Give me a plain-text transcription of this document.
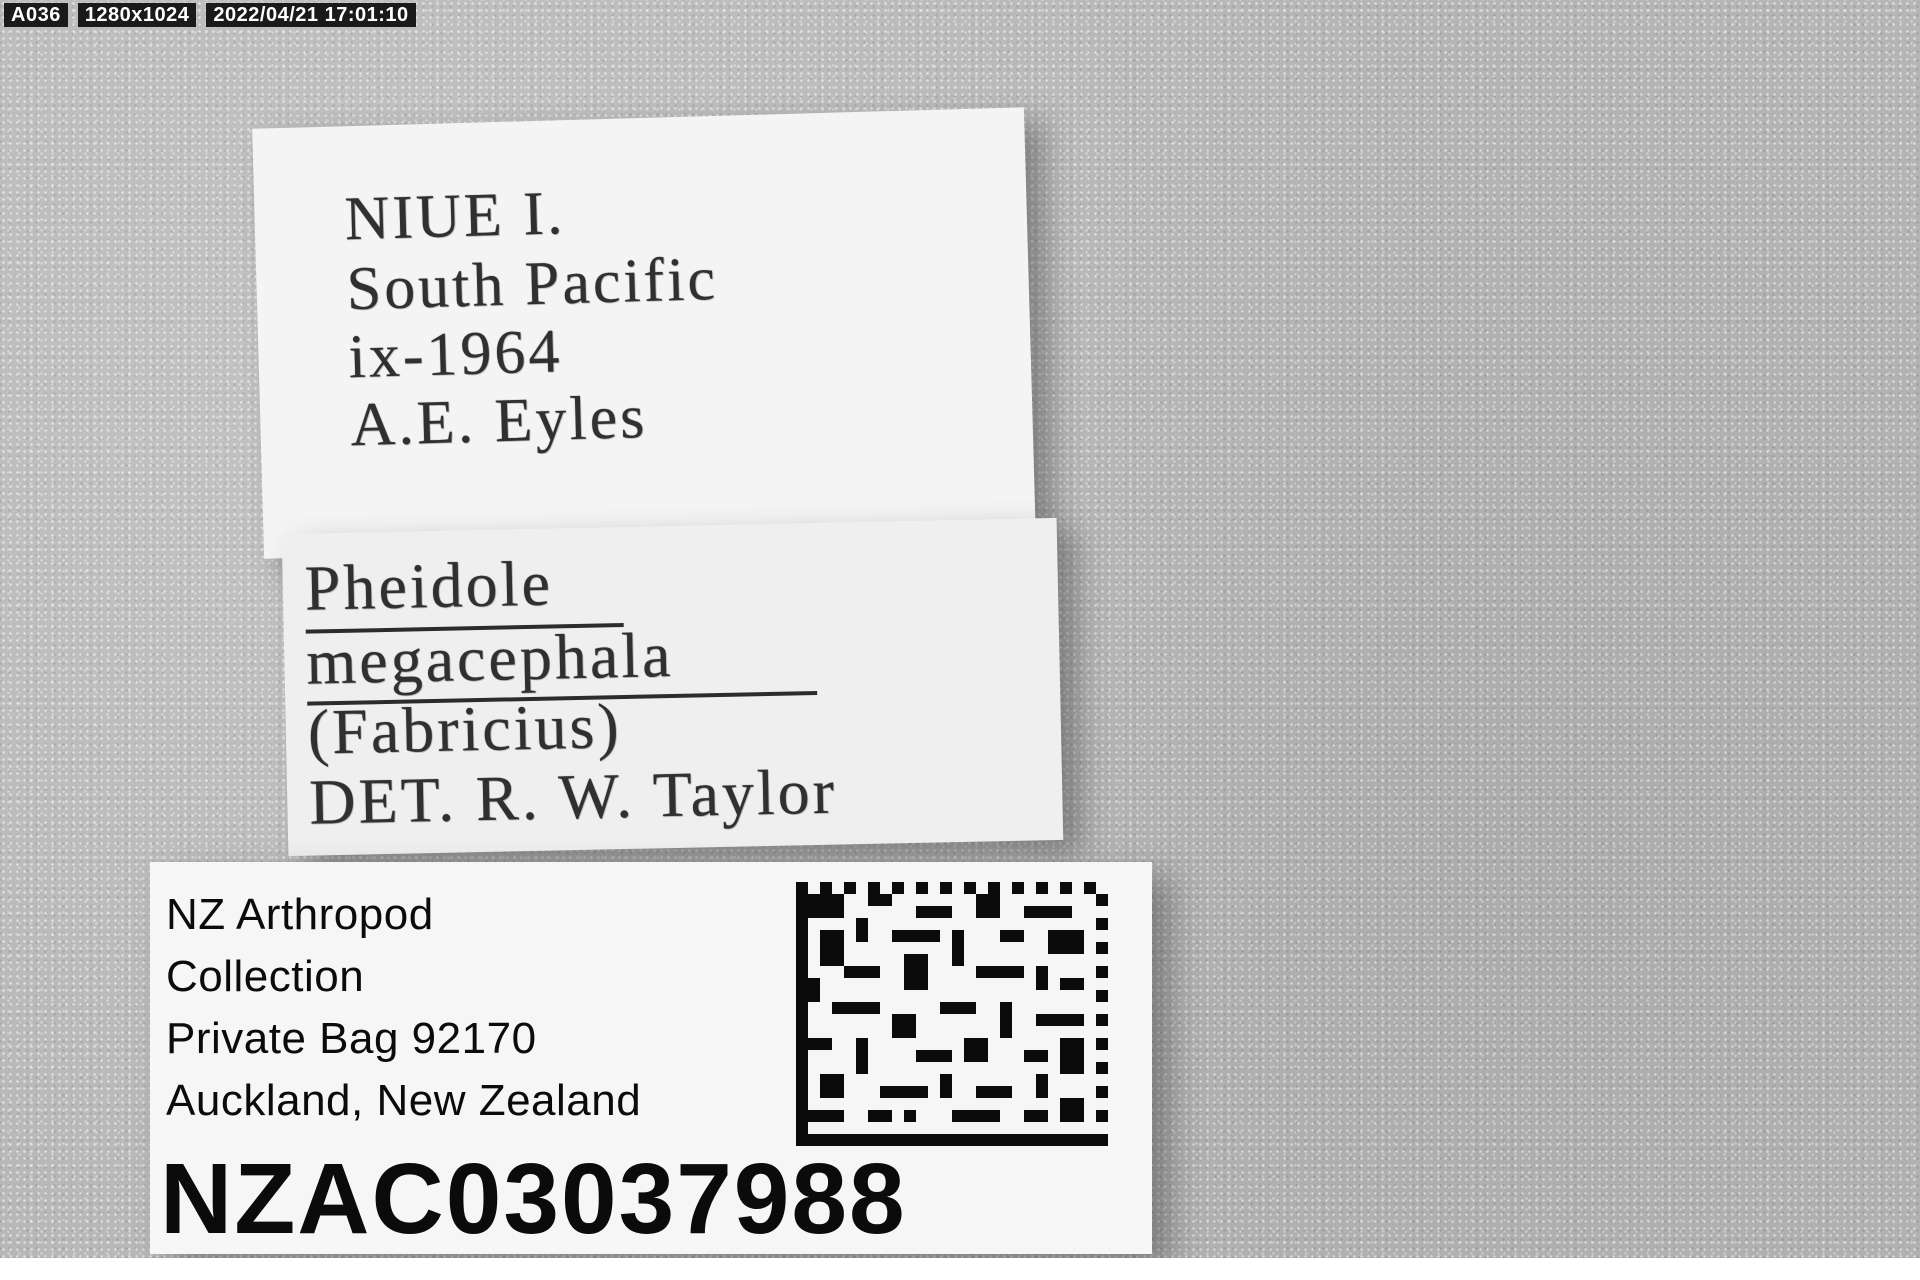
NIUE I.
South Pacific
ix-1964
A.E. Eyles
Pheidole
megacephala
(Fabricius)
DET. R. W. Taylor
NZ Arthropod
Collection
Private Bag 92170
Auckland, New Zealand
NZAC03037988
A036	1280x1024	2022/04/21 17:01:10
